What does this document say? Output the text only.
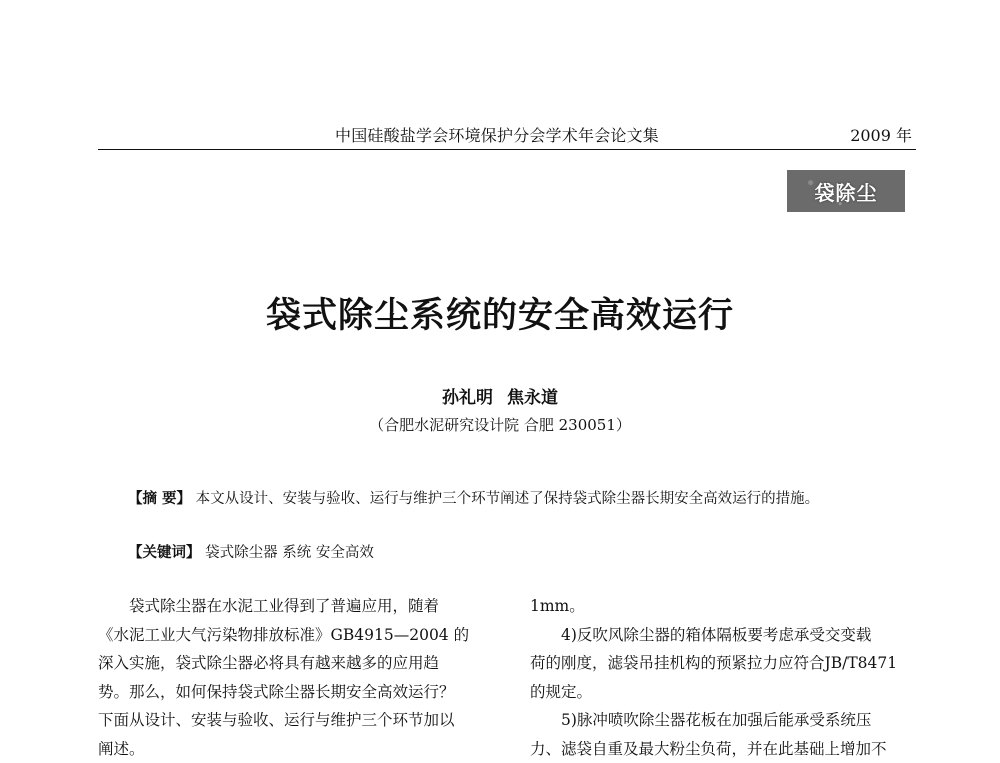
中国硅酸盐学会环境保护分会学术年会论文集	2009 年
袋除尘
袋式除尘系统的安全高效运行
孙礼明 焦永道
（合肥水泥研究设计院 合肥 230051）
【摘 要】 本文从设计、安装与验收、运行与维护三个环节阐述了保持袋式除尘器长期安全高效运行的措施。
【关键词】 袋式除尘器 系统 安全高效
袋式除尘器在水泥工业得到了普遍应用，随着
《水泥工业大气污染物排放标准》GB4915—2004 的
深入实施，袋式除尘器必将具有越来越多的应用趋
势。那么，如何保持袋式除尘器长期安全高效运行？
下面从设计、安装与验收、运行与维护三个环节加以
阐述。
1mm。
4)反吹风除尘器的箱体隔板要考虑承受交变载
荷的刚度，滤袋吊挂机构的预紧拉力应符合JB/T8471
的规定。
5)脉冲喷吹除尘器花板在加强后能承受系统压
力、滤袋自重及最大粉尘负荷，并在此基础上增加不
